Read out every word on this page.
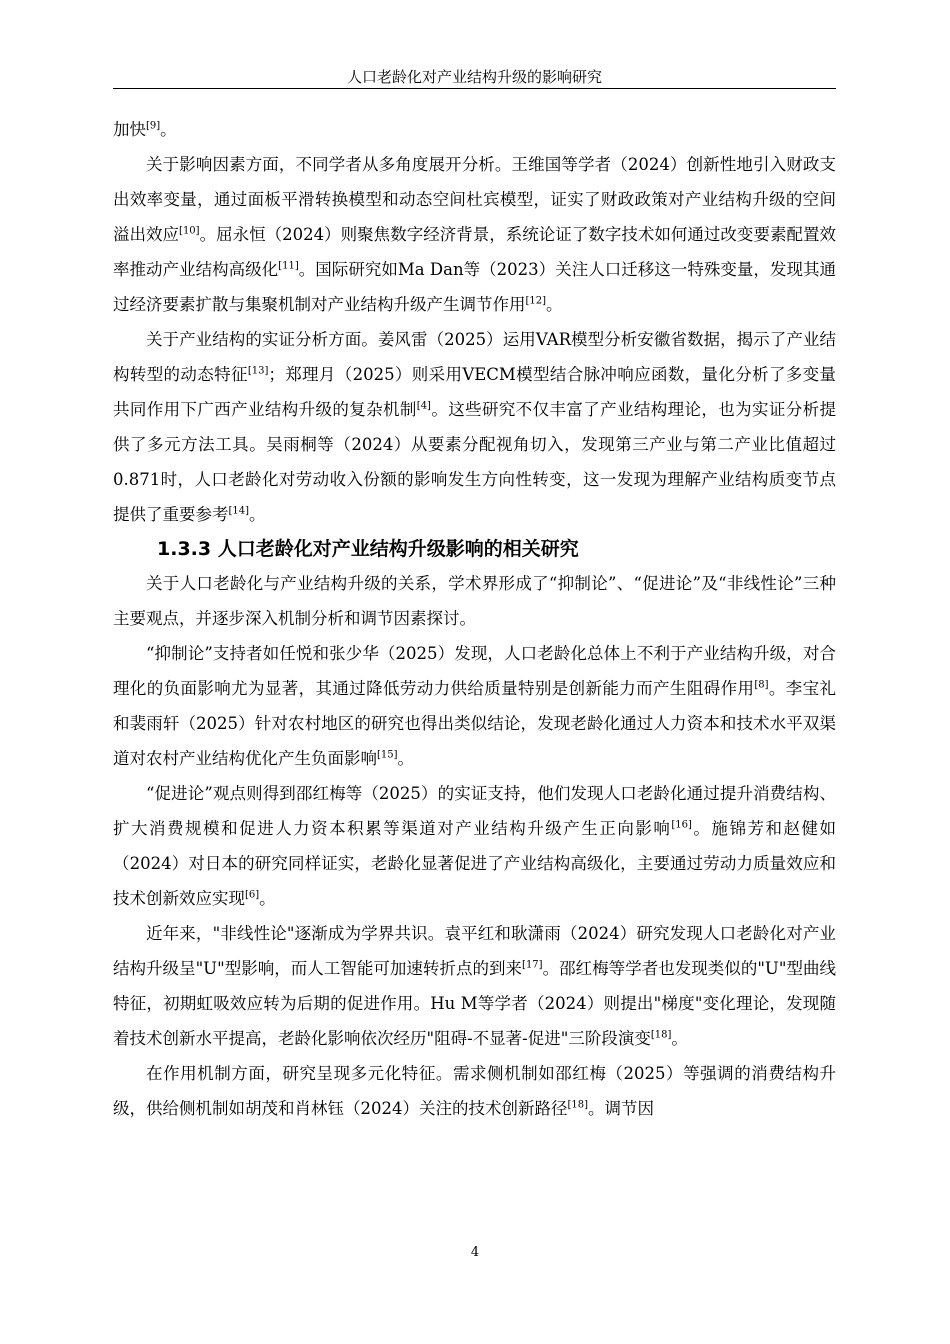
人口老龄化对产业结构升级的影响研究

加快[9]。

关于影响因素方面，不同学者从多角度展开分析。王维国等学者（2024）创新性地引入财政支出效率变量，通过面板平滑转换模型和动态空间杜宾模型，证实了财政政策对产业结构升级的空间溢出效应[10]。屈永恒（2024）则聚焦数字经济背景，系统论证了数字技术如何通过改变要素配置效率推动产业结构高级化[11]。国际研究如Ma Dan等（2023）关注人口迁移这一特殊变量，发现其通过经济要素扩散与集聚机制对产业结构升级产生调节作用[12]。

关于产业结构的实证分析方面。姜风雷（2025）运用VAR模型分析安徽省数据，揭示了产业结构转型的动态特征[13]；郑理月（2025）则采用VECM模型结合脉冲响应函数，量化分析了多变量共同作用下广西产业结构升级的复杂机制[4]。这些研究不仅丰富了产业结构理论，也为实证分析提供了多元方法工具。吴雨桐等（2024）从要素分配视角切入，发现第三产业与第二产业比值超过0.871时，人口老龄化对劳动收入份额的影响发生方向性转变，这一发现为理解产业结构质变节点提供了重要参考[14]。

1.3.3 人口老龄化对产业结构升级影响的相关研究

关于人口老龄化与产业结构升级的关系，学术界形成了“抑制论”、“促进论”及“非线性论”三种主要观点，并逐步深入机制分析和调节因素探讨。

“抑制论”支持者如任悦和张少华（2025）发现，人口老龄化总体上不利于产业结构升级，对合理化的负面影响尤为显著，其通过降低劳动力供给质量特别是创新能力而产生阻碍作用[8]。李宝礼和裴雨轩（2025）针对农村地区的研究也得出类似结论，发现老龄化通过人力资本和技术水平双渠道对农村产业结构优化产生负面影响[15]。

“促进论”观点则得到邵红梅等（2025）的实证支持，他们发现人口老龄化通过提升消费结构、扩大消费规模和促进人力资本积累等渠道对产业结构升级产生正向影响[16]。施锦芳和赵健如（2024）对日本的研究同样证实，老龄化显著促进了产业结构高级化，主要通过劳动力质量效应和技术创新效应实现[6]。

近年来，"非线性论"逐渐成为学界共识。袁平红和耿潇雨（2024）研究发现人口老龄化对产业结构升级呈"U"型影响，而人工智能可加速转折点的到来[17]。邵红梅等学者也发现类似的"U"型曲线特征，初期虹吸效应转为后期的促进作用。Hu M等学者（2024）则提出"梯度"变化理论，发现随着技术创新水平提高，老龄化影响依次经历"阻碍-不显著-促进"三阶段演变[18]。

在作用机制方面，研究呈现多元化特征。需求侧机制如邵红梅（2025）等强调的消费结构升级，供给侧机制如胡茂和肖林钰（2024）关注的技术创新路径[18]。调节因

4
